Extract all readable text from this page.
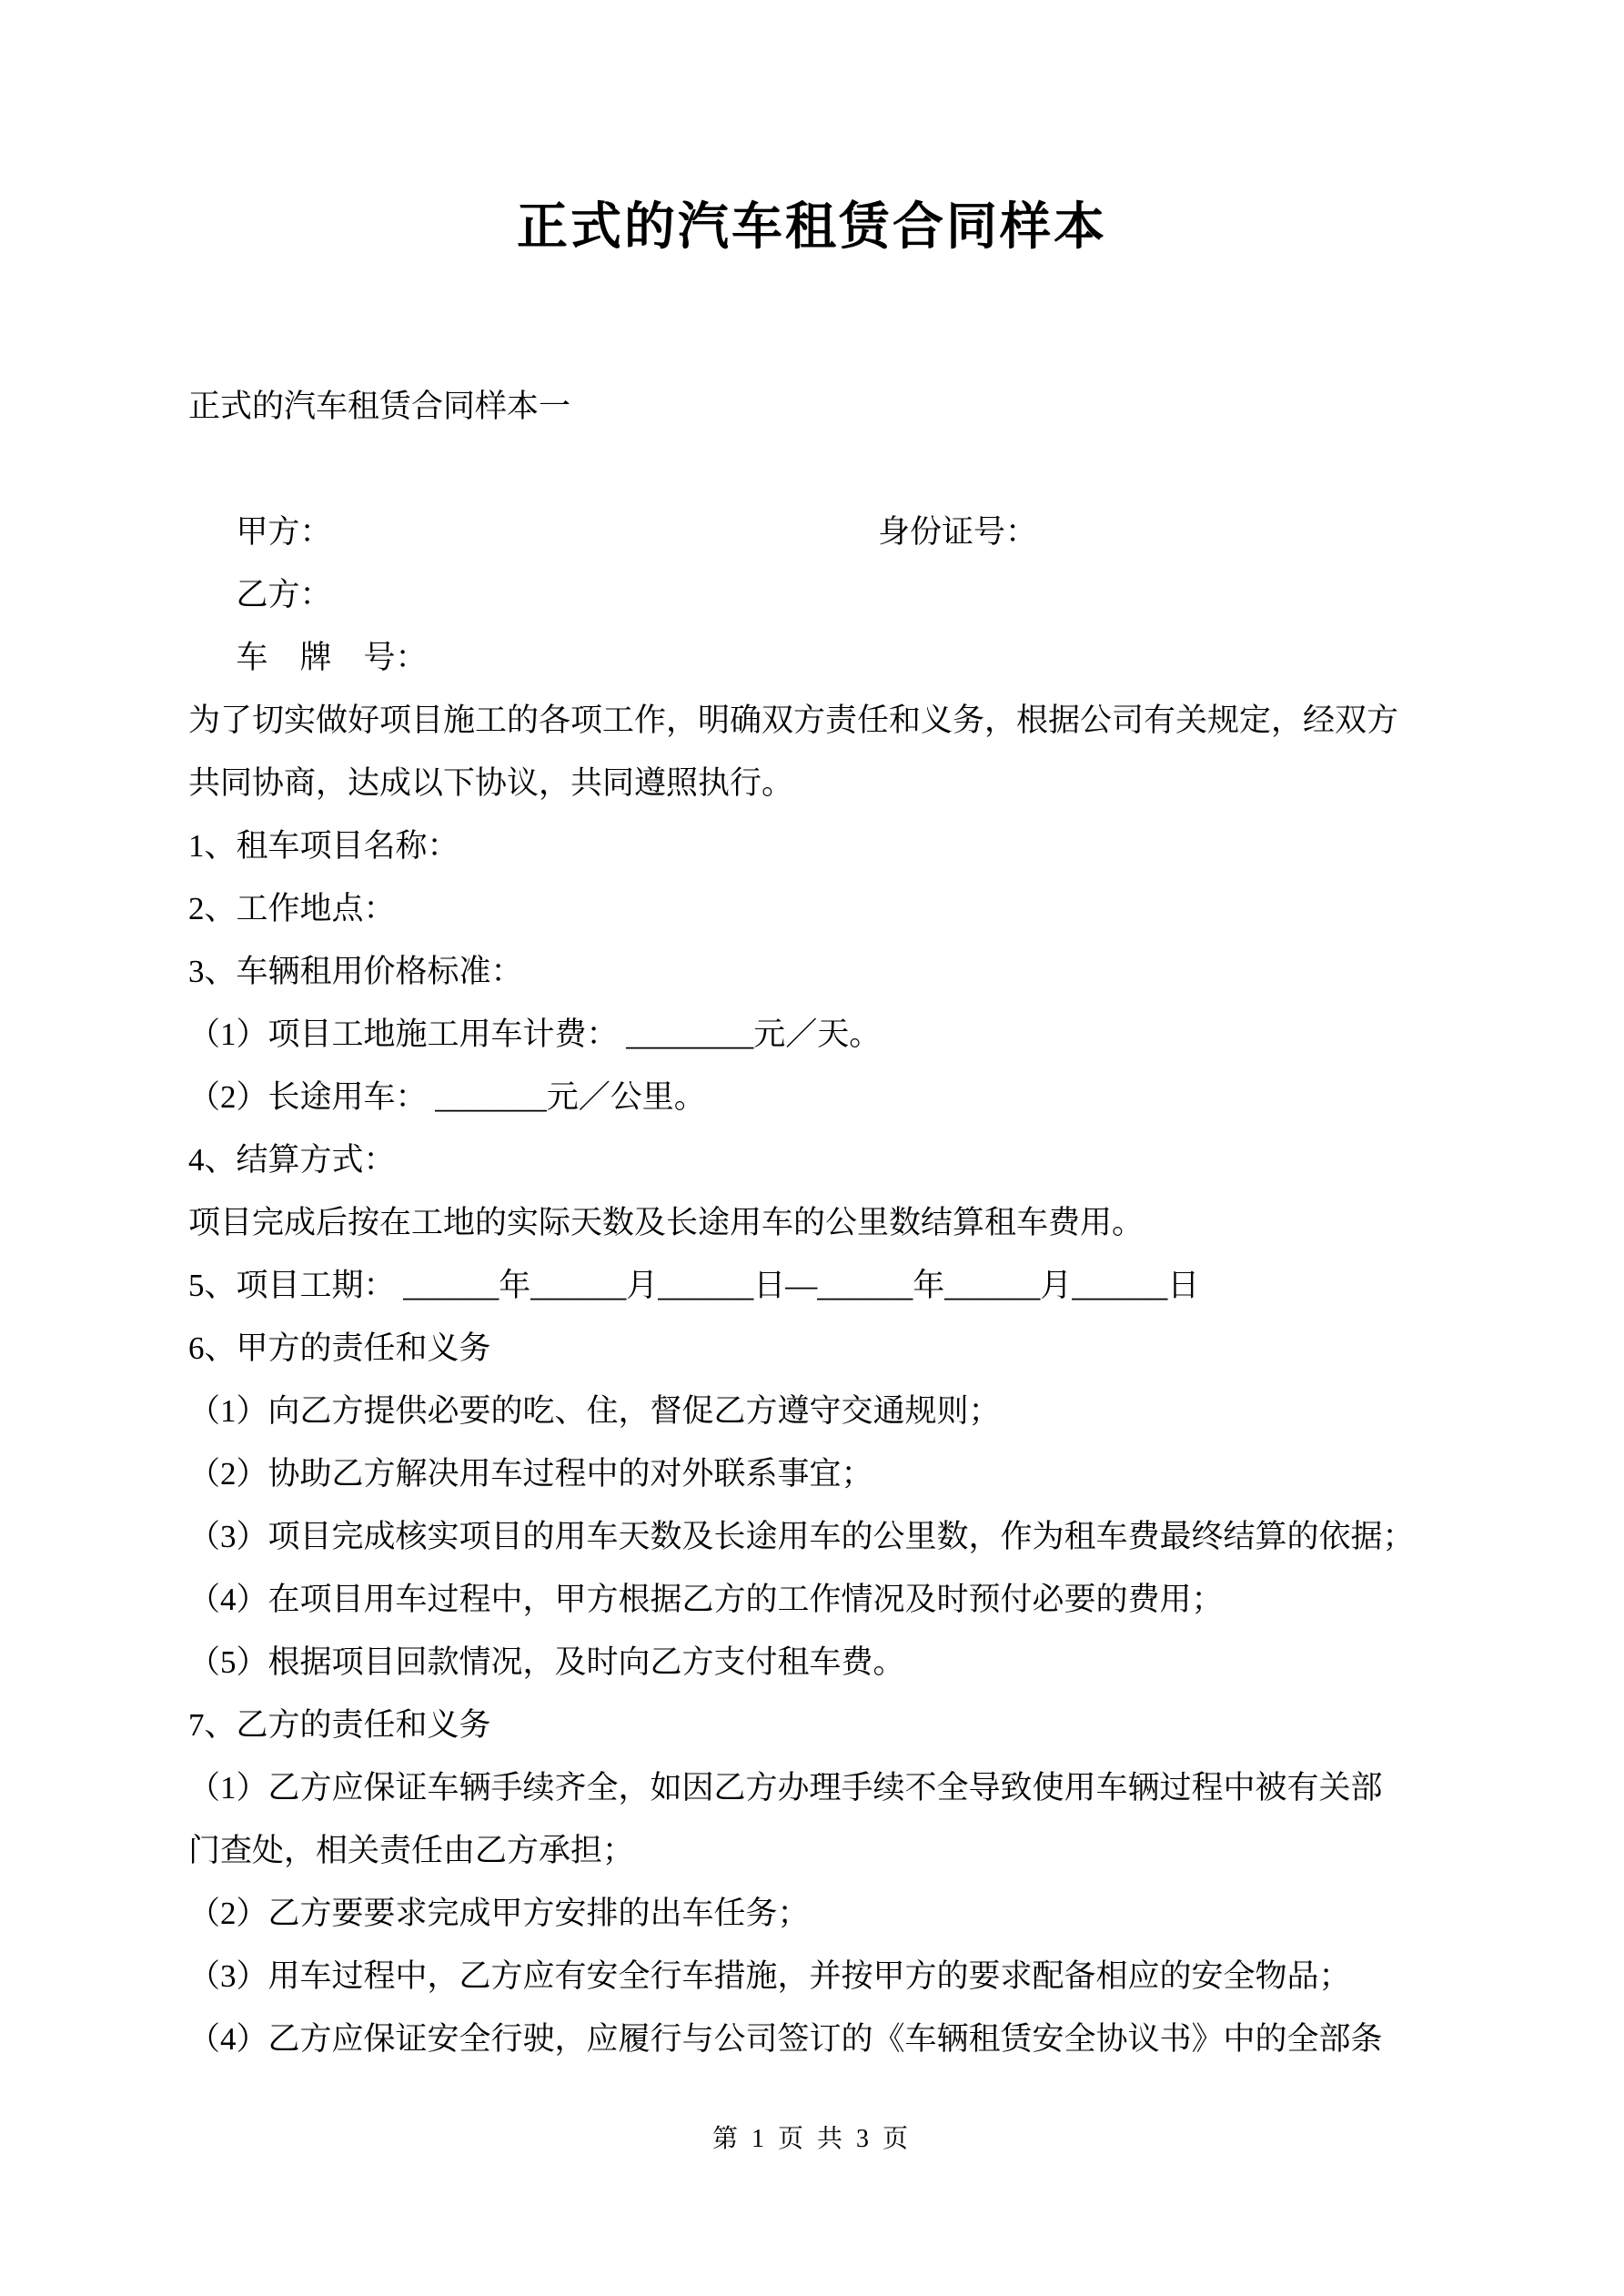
正式的汽车租赁合同样本
正式的汽车租赁合同样本一

甲方：

乙方：

身份证号：

车　牌　号：

为了切实做好项目施工的各项工作，明确双方责任和义务，根据公司有关规定，经双方
共同协商，达成以下协议，共同遵照执行。
1、租车项目名称：
2、工作地点：
3、车辆租用价格标准：
（1）项目工地施工用车计费： ________元／天。
（2）长途用车： _______元／公里。
4、结算方式：
项目完成后按在工地的实际天数及长途用车的公里数结算租车费用。
5、项目工期： ______年______月______日—______年______月______日
6、甲方的责任和义务
（1）向乙方提供必要的吃、住，督促乙方遵守交通规则；
（2）协助乙方解决用车过程中的对外联系事宜；
（3）项目完成核实项目的用车天数及长途用车的公里数，作为租车费最终结算的依据；
（4）在项目用车过程中，甲方根据乙方的工作情况及时预付必要的费用；
（5）根据项目回款情况，及时向乙方支付租车费。
7、乙方的责任和义务
（1）乙方应保证车辆手续齐全，如因乙方办理手续不全导致使用车辆过程中被有关部
门查处，相关责任由乙方承担；
（2）乙方要要求完成甲方安排的出车任务；
（3）用车过程中，乙方应有安全行车措施，并按甲方的要求配备相应的安全物品；
（4）乙方应保证安全行驶，应履行与公司签订的《车辆租赁安全协议书》中的全部条
第 1 页 共 3 页
